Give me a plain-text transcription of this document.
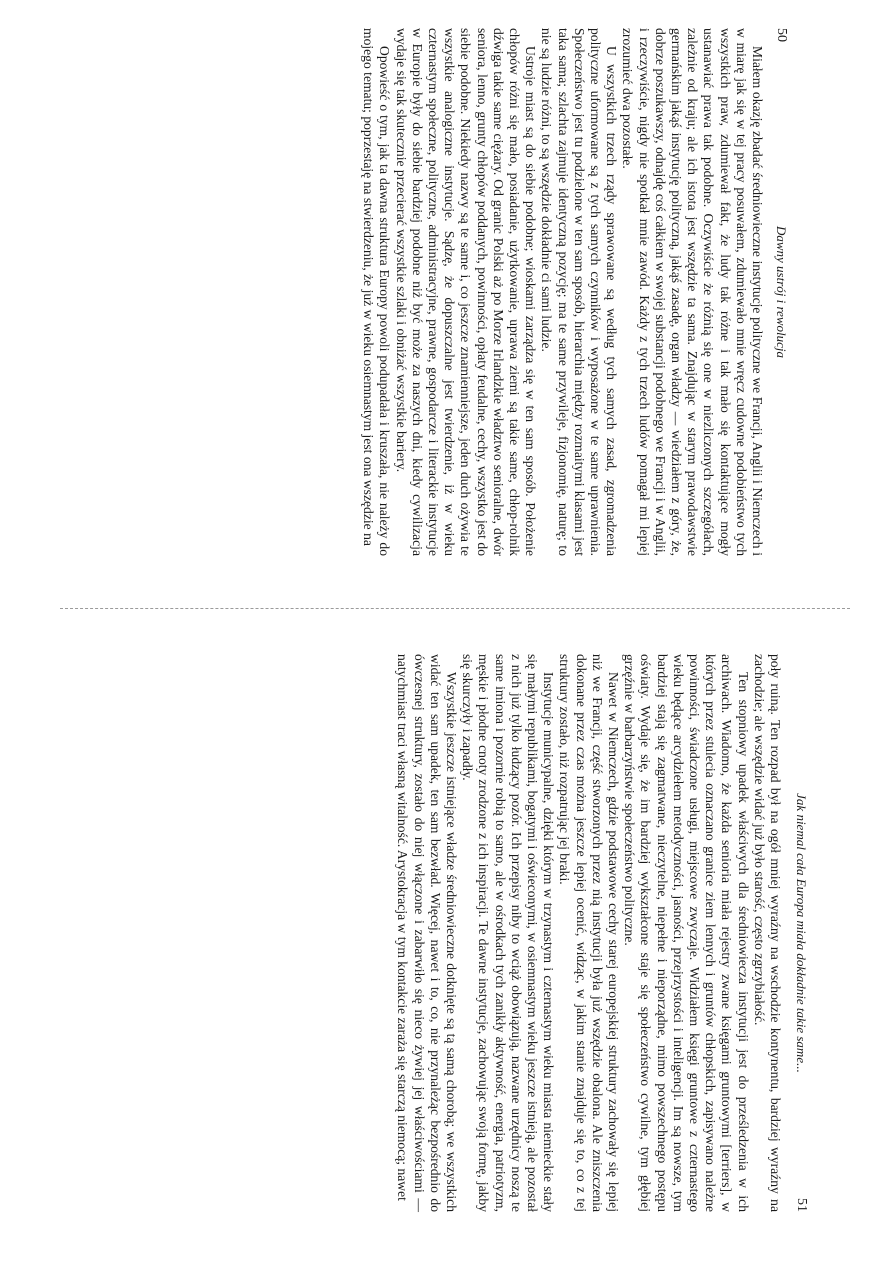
50
Dawny ustrój i rewolucja

Miałem okazję zbadać średniowieczne instytucje polityczne we Francji, Anglii i Niemczech i w miarę jak się w tej pracy posuwałem, zdumiewało mnie wręcz cudowne podobieństwo tych wszystkich praw, zdumiewał fakt, że ludy tak różne i tak mało się kontaktujące mogły ustanawiać prawa tak podobne. Oczywiście że różnią się one w niezliczonych szczegółach, zależnie od kraju; ale ich istota jest wszędzie ta sama. Znajdując w starym prawodawstwie germańskim jakąś instytucję polityczną, jakąś zasadę, organ władzy — wiedziałem z góry, że, dobrze poszukawszy, odnajdę coś całkiem w swojej substancji podobnego we Francji i w Anglii, i rzeczywiście, nigdy nie spotkał mnie zawód. Każdy z tych trzech ludów pomagał mi lepiej zrozumieć dwa pozostałe.

U wszystkich trzech rządy sprawowane są według tych samych zasad, zgromadzenia polityczne uformowane są z tych samych czynników i wyposażone w te same uprawnienia. Społeczeństwo jest tu podzielone w ten sam sposób, hierarchia między rozmaitymi klasami jest taka sama; szlachta zajmuje identyczną pozycję; ma te same przywileje, fizjonomię, naturę; to nie są ludzie różni, to są wszędzie dokładnie ci sami ludzie.

Ustroje miast są do siebie podobne; wioskami zarządza się w ten sam sposób. Położenie chłopów różni się mało, posiadanie, użytkowanie, uprawa ziemi są takie same, chłop-rolnik dźwiga takie same ciężary. Od granic Polski aż po Morze Irlandzkie władztwo senioralne, dwór seniora, lenno, grunty chłopów poddanych, powinności, opłaty feudalne, cechy, wszystko jest do siebie podobne. Niekiedy nazwy są te same i, co jeszcze znamienniejsze, jeden duch ożywia te wszystkie analogiczne instytucje. Sądzę, że dopuszczalne jest twierdzenie, iż w wieku czternastym społeczne, polityczne, administracyjne, prawne, gospodarcze i literackie instytucje w Europie były do siebie bardziej podobne niż być może za naszych dni, kiedy cywilizacja wydaje się tak skutecznie przecierać wszystkie szlaki i obniżać wszystkie bariery.

Opowieść o tym, jak ta dawna struktura Europy powoli podupadała i kruszała, nie należy do mojego tematu; poprzestaję na stwierdzeniu, że już w wieku osiemnastym jest ona wszędzie na

Jak niemal cała Europa miała dokładnie takie same...
51

poły ruiną. Ten rozpad był na ogół mniej wyraźny na wschodzie kontynentu, bardziej wyraźny na zachodzie; ale wszędzie widać już było starość, często zgrzybiałość.

Ten stopniowy upadek właściwych dla średniowiecza instytucji jest do prześledzenia w ich archiwach. Wiadomo, że każda senioria miała rejestry zwane księgami gruntowymi [terriers], w których przez stulecia oznaczano granice ziem lennych i gruntów chłopskich, zapisywano należne powinności, świadczone usługi, miejscowe zwyczaje. Widziałem księgi gruntowe z czternastego wieku będące arcydziełem metodyczności, jasności, przejrzystości i inteligencji. Im są nowsze, tym bardziej stają się zagmatwane, nieczytelne, niepełne i nieporządne, mimo powszechnego postępu oświaty. Wydaje się, że im bardziej wykształcone staje się społeczeństwo cywilne, tym głębiej grzęźnie w barbarzyństwie społeczeństwo polityczne.

Nawet w Niemczech, gdzie podstawowe cechy starej europejskiej struktury zachowały się lepiej niż we Francji, część stworzonych przez nią instytucji była już wszędzie obalona. Ale zniszczenia dokonane przez czas można jeszcze lepiej ocenić, widząc, w jakim stanie znajduje się to, co z tej struktury zostało, niż rozpatrując jej braki.

Instytucje municypalne, dzięki którym w trzynastym i czternastym wieku miasta niemieckie stały się małymi republikami, bogatymi i oświeconymi, w osiemnastym wieku jeszcze istnieją, ale pozostał z nich już tylko łudzący pozór. Ich przepisy niby to wciąż obowiązują, nazwane urzędnicy noszą te same imiona i pozornie robią to samo, ale w ośrodkach tych zanikły aktywność, energia, patriotyzm, męskie i płodne cnoty zrodzone z ich inspiracji. Te dawne instytucje, zachowując swoją formę, jakby się skurczyły i zapadły.

Wszystkie jeszcze istniejące władze średniowieczne dotknięte są tą samą chorobą; we wszystkich widać ten sam upadek, ten sam bezwład. Więcej, nawet i to, co, nie przynależąc bezpośrednio do ówczesnej struktury, zostało do niej włączone i zabarwiło się nieco żywiej jej właściwościami — natychmiast traci własną witalność. Arystokracja w tym kontakcie zaraża się starczą niemocą; nawet
